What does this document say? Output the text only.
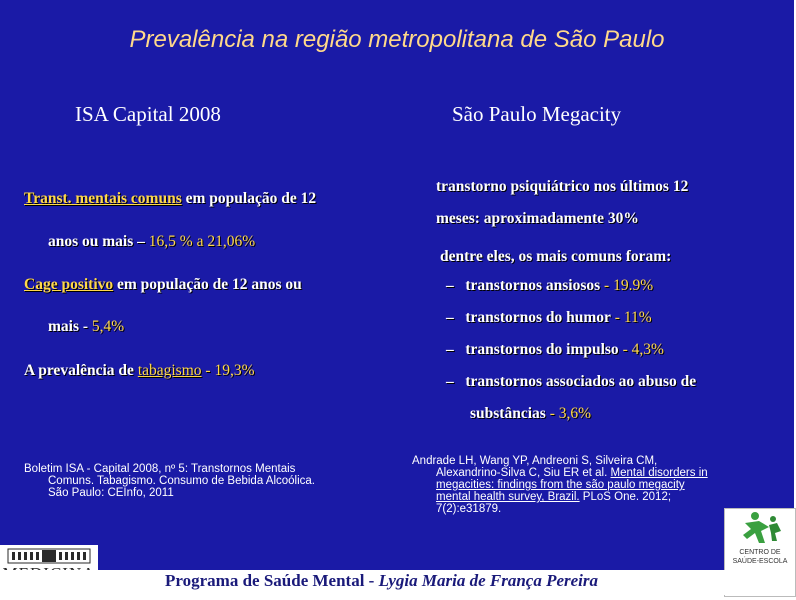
Prevalência na região metropolitana de São Paulo
ISA Capital 2008	São Paulo Megacity
Transt. mentais comuns em população de 12
anos ou mais – 16,5 % a 21,06%
Cage positivo em população de 12 anos ou
mais - 5,4%
A prevalência de tabagismo - 19,3%
Boletim ISA - Capital 2008, nº 5: Transtornos Mentais
Comuns. Tabagismo. Consumo de Bebida Alcoólica.
São Paulo: CEInfo, 2011
transtorno psiquiátrico nos últimos 12
meses: aproximadamente 30%
dentre eles, os mais comuns foram:
– transtornos ansiosos - 19.9%
– transtornos do humor - 11%
– transtornos do impulso - 4,3%
– transtornos associados ao abuso de
substâncias - 3,6%
Andrade LH, Wang YP, Andreoni S, Silveira CM,
Alexandrino-Silva C, Siu ER et al. Mental disorders in
megacities: findings from the são paulo megacity
mental health survey, Brazil. PLoS One. 2012;
7(2):e31879.
CENTRO DE
SAÚDE-ESCOLA
Programa de Saúde Mental - Lygia Maria de França Pereira
